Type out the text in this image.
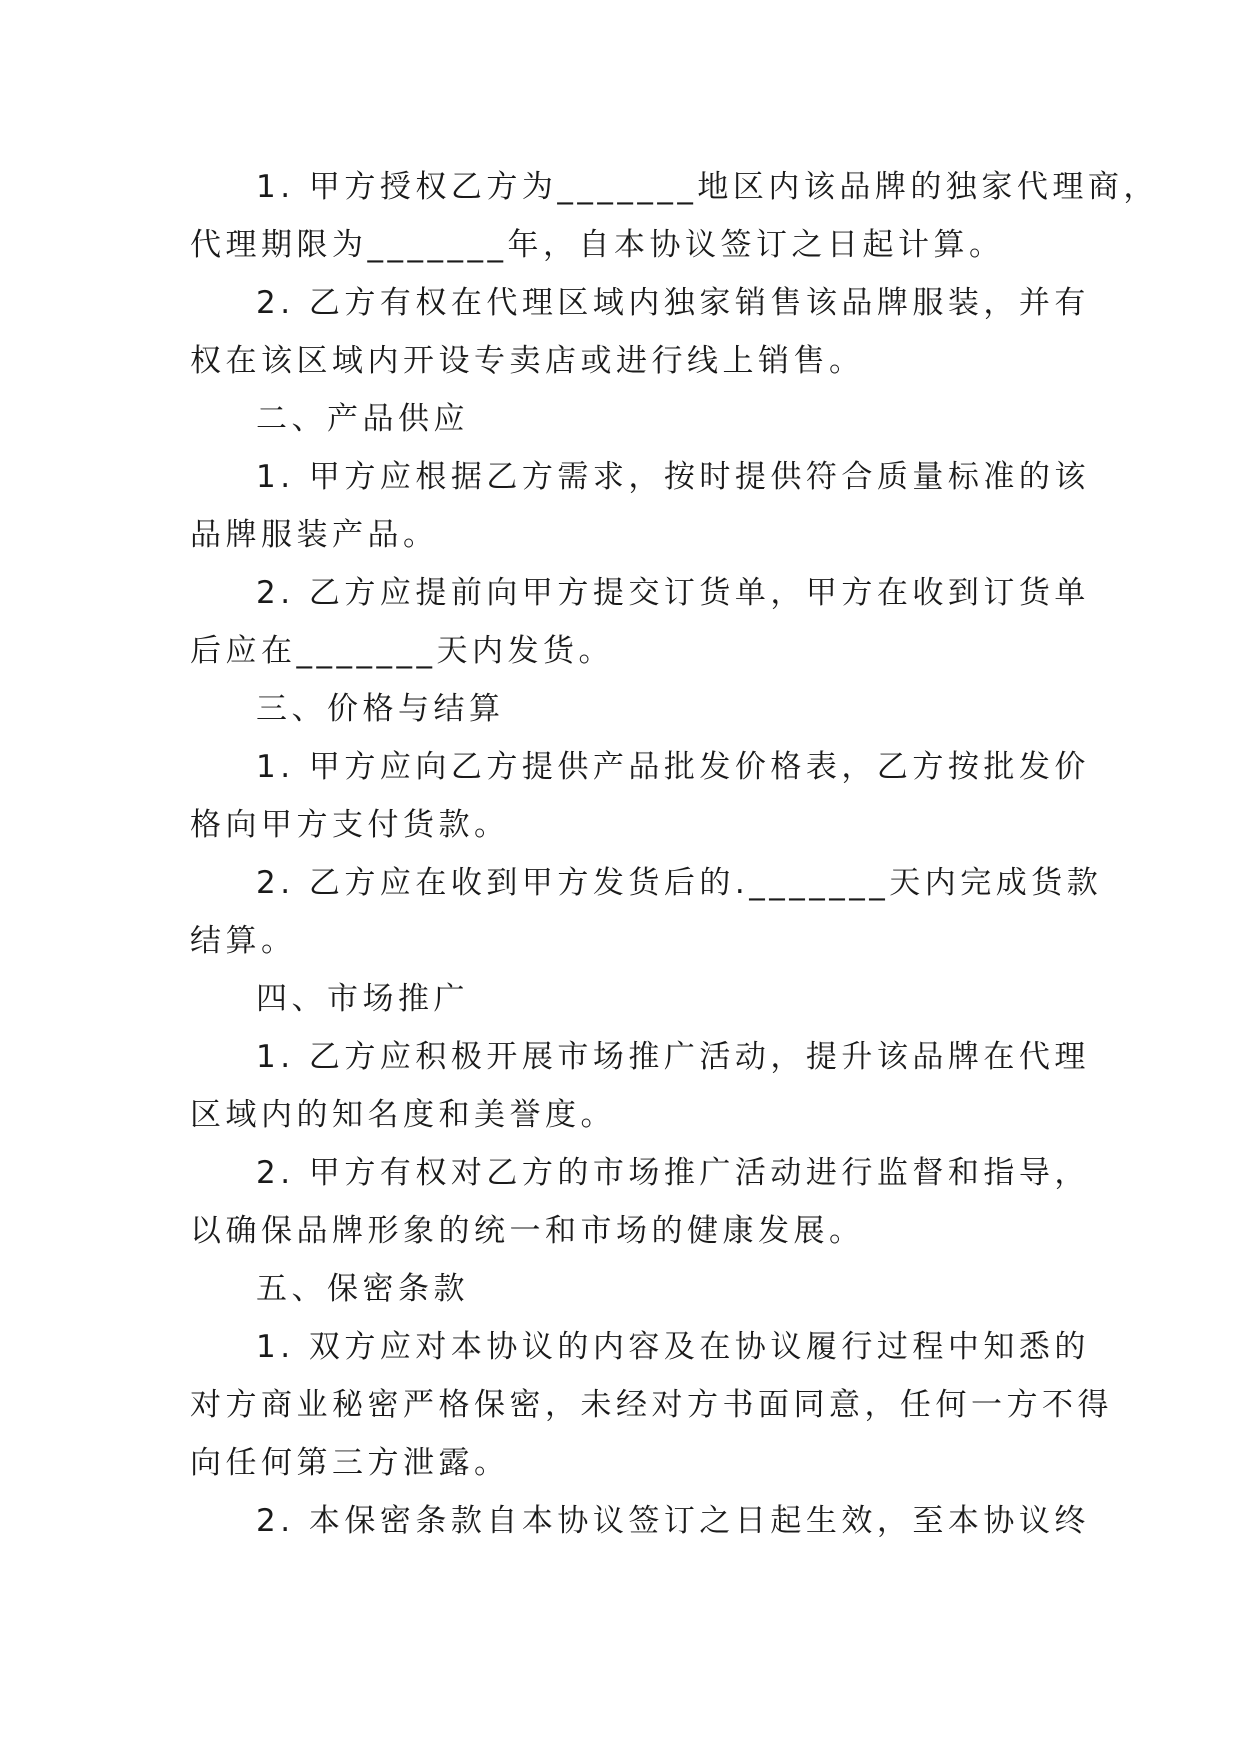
1. 甲方授权乙方为_______地区内该品牌的独家代理商，
代理期限为_______年，自本协议签订之日起计算。
2. 乙方有权在代理区域内独家销售该品牌服装，并有
权在该区域内开设专卖店或进行线上销售。
二、产品供应
1. 甲方应根据乙方需求，按时提供符合质量标准的该
品牌服装产品。
2. 乙方应提前向甲方提交订货单，甲方在收到订货单
后应在_______天内发货。
三、价格与结算
1. 甲方应向乙方提供产品批发价格表，乙方按批发价
格向甲方支付货款。
2. 乙方应在收到甲方发货后的._______天内完成货款
结算。
四、市场推广
1. 乙方应积极开展市场推广活动，提升该品牌在代理
区域内的知名度和美誉度。
2. 甲方有权对乙方的市场推广活动进行监督和指导，
以确保品牌形象的统一和市场的健康发展。
五、保密条款
1. 双方应对本协议的内容及在协议履行过程中知悉的
对方商业秘密严格保密，未经对方书面同意，任何一方不得
向任何第三方泄露。
2. 本保密条款自本协议签订之日起生效，至本协议终
